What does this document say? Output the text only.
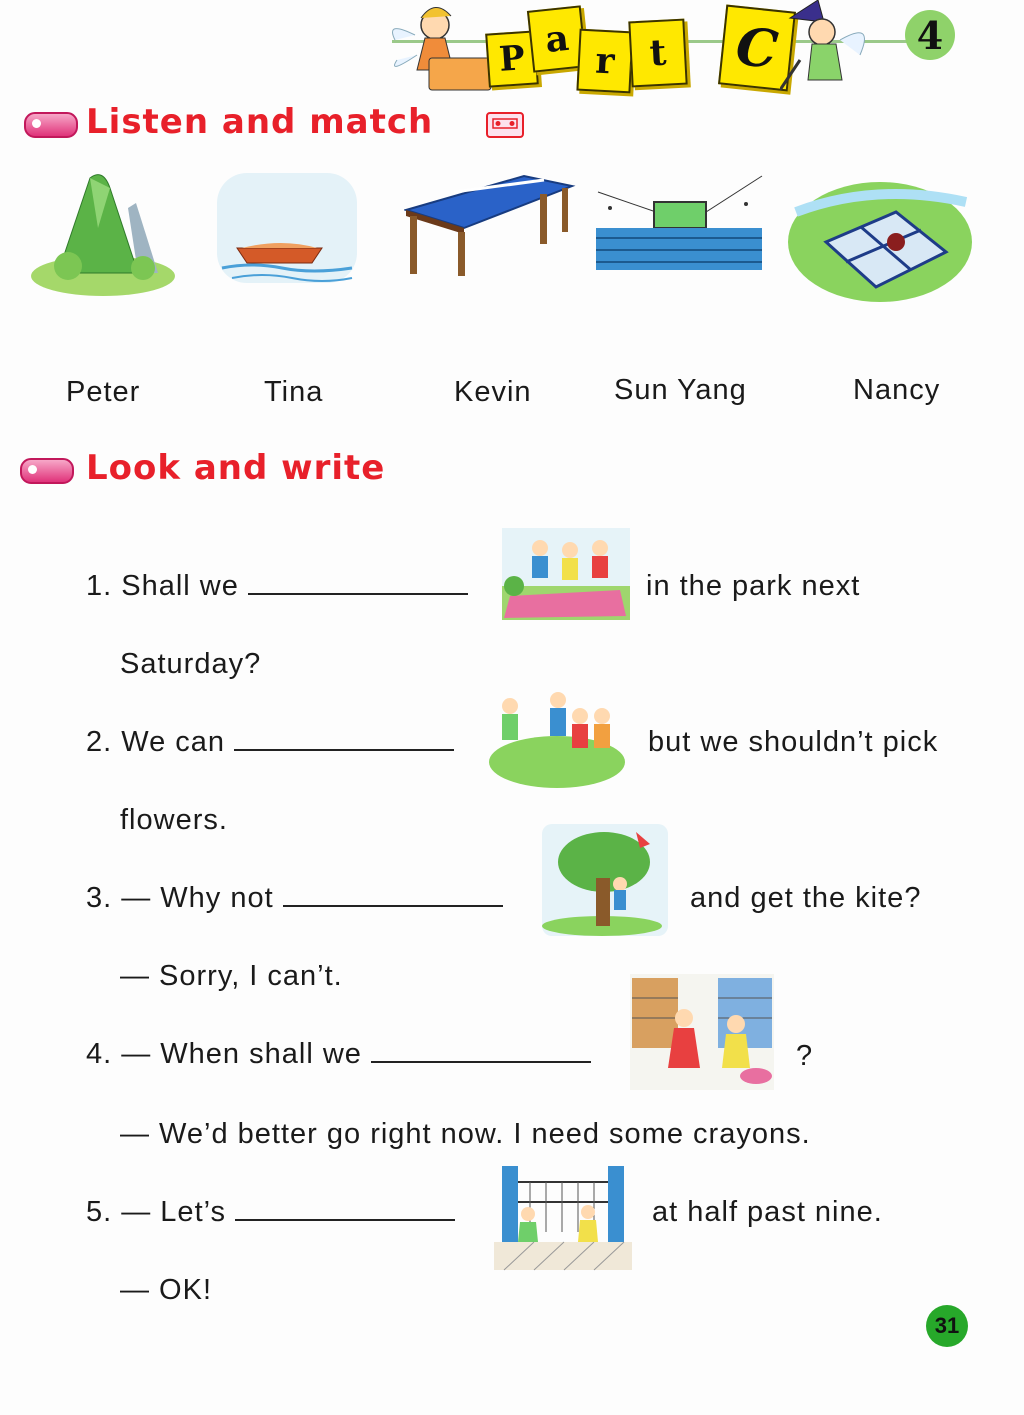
P a r t C	4
Listen and match
Peter	Tina	Kevin	Sun Yang	Nancy
Look and write
1. Shall we	in the park next
Saturday?
2. We can	but we shouldn’t pick
flowers.
3. — Why not	and get the kite?
— Sorry, I can’t.
4. — When shall we	?
— We’d better go right now. I need some crayons.
5. — Let’s	at half past nine.
— OK!
31
